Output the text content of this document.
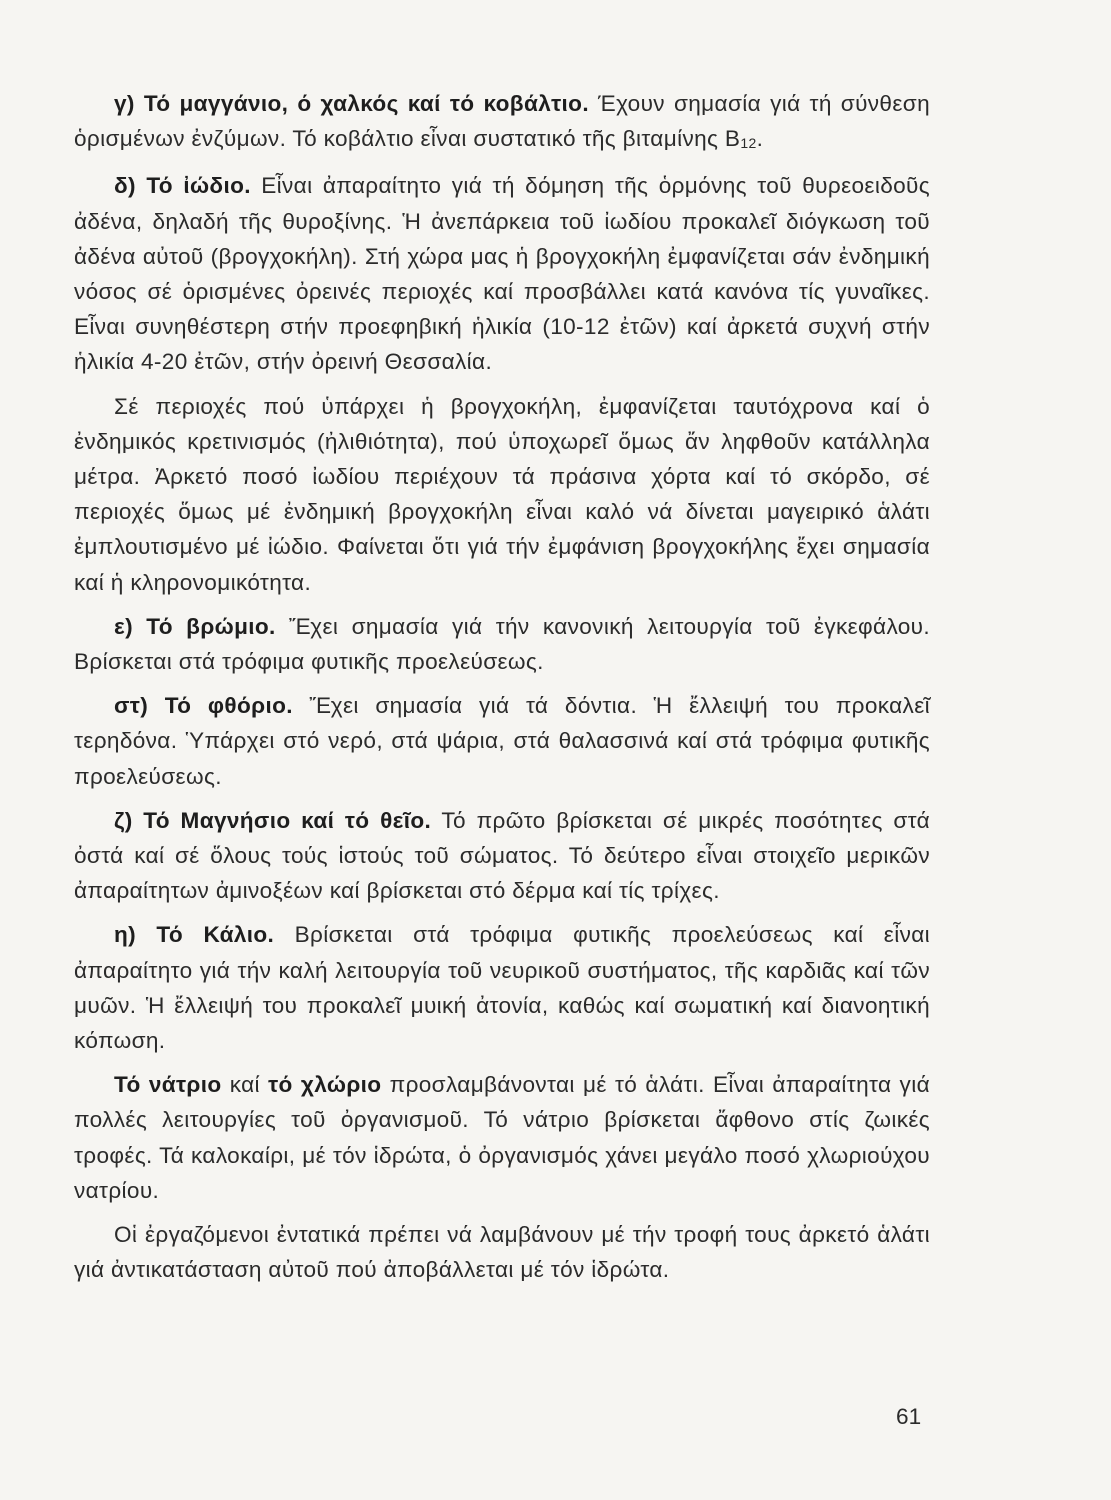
γ) Τό μαγγάνιο, ό χαλκός καί τό κοβάλτιο. Έχουν σημασία γιά τή σύνθεση ὁρισμένων ἐνζύμων. Τό κοβάλτιο εἶναι συστατικό τῆς βιταμίνης Β12.

δ) Τό ἰώδιο. Εἶναι ἀπαραίτητο γιά τή δόμηση τῆς ὁρμόνης τοῦ θυρεοειδοῦς ἀδένα, δηλαδή τῆς θυροξίνης. Ἡ ἀνεπάρκεια τοῦ ἰωδίου προκαλεῖ διόγκωση τοῦ ἀδένα αὐτοῦ (βρογχοκήλη). Στή χώρα μας ἡ βρογχοκήλη ἐμφανίζεται σάν ἐνδημική νόσος σέ ὁρισμένες ὀρεινές περιοχές καί προσβάλλει κατά κανόνα τίς γυναῖκες. Εἶναι συνηθέστερη στήν προεφηβική ἡλικία (10-12 ἐτῶν) καί ἀρκετά συχνή στήν ἡλικία 4-20 ἐτῶν, στήν ὀρεινή Θεσσαλία.

Σέ περιοχές πού ὑπάρχει ἡ βρογχοκήλη, ἐμφανίζεται ταυτόχρονα καί ὁ ἐνδημικός κρετινισμός (ἠλιθιότητα), πού ὑποχωρεῖ ὅμως ἄν ληφθοῦν κατάλληλα μέτρα. Ἀρκετό ποσό ἰωδίου περιέχουν τά πράσινα χόρτα καί τό σκόρδο, σέ περιοχές ὅμως μέ ἐνδημική βρογχοκήλη εἶναι καλό νά δίνεται μαγειρικό ἁλάτι ἐμπλουτισμένο μέ ἰώδιο. Φαίνεται ὅτι γιά τήν ἐμφάνιση βρογχοκήλης ἔχει σημασία καί ἡ κληρονομικότητα.

ε) Τό βρώμιο. Ἔχει σημασία γιά τήν κανονική λειτουργία τοῦ ἐγκεφάλου. Βρίσκεται στά τρόφιμα φυτικῆς προελεύσεως.

στ) Τό φθόριο. Ἔχει σημασία γιά τά δόντια. Ἡ ἔλλειψή του προκαλεῖ τερηδόνα. Ὑπάρχει στό νερό, στά ψάρια, στά θαλασσινά καί στά τρόφιμα φυτικῆς προελεύσεως.

ζ) Τό Μαγνήσιο καί τό θεῖο. Τό πρῶτο βρίσκεται σέ μικρές ποσότητες στά ὀστά καί σέ ὅλους τούς ἱστούς τοῦ σώματος. Τό δεύτερο εἶναι στοιχεῖο μερικῶν ἀπαραίτητων ἀμινοξέων καί βρίσκεται στό δέρμα καί τίς τρίχες.

η) Τό Κάλιο. Βρίσκεται στά τρόφιμα φυτικῆς προελεύσεως καί εἶναι ἀπαραίτητο γιά τήν καλή λειτουργία τοῦ νευρικοῦ συστήματος, τῆς καρδιᾶς καί τῶν μυῶν. Ἡ ἔλλειψή του προκαλεῖ μυική ἀτονία, καθώς καί σωματική καί διανοητική κόπωση.

Τό νάτριο καί τό χλώριο προσλαμβάνονται μέ τό ἁλάτι. Εἶναι ἀπαραίτητα γιά πολλές λειτουργίες τοῦ ὀργανισμοῦ. Τό νάτριο βρίσκεται ἄφθονο στίς ζωικές τροφές. Τά καλοκαίρι, μέ τόν ἱδρώτα, ὁ ὀργανισμός χάνει μεγάλο ποσό χλωριούχου νατρίου.

Οἱ ἐργαζόμενοι ἐντατικά πρέπει νά λαμβάνουν μέ τήν τροφή τους ἀρκετό ἁλάτι γιά ἀντικατάσταση αὐτοῦ πού ἀποβάλλεται μέ τόν ἱδρώτα.

61
